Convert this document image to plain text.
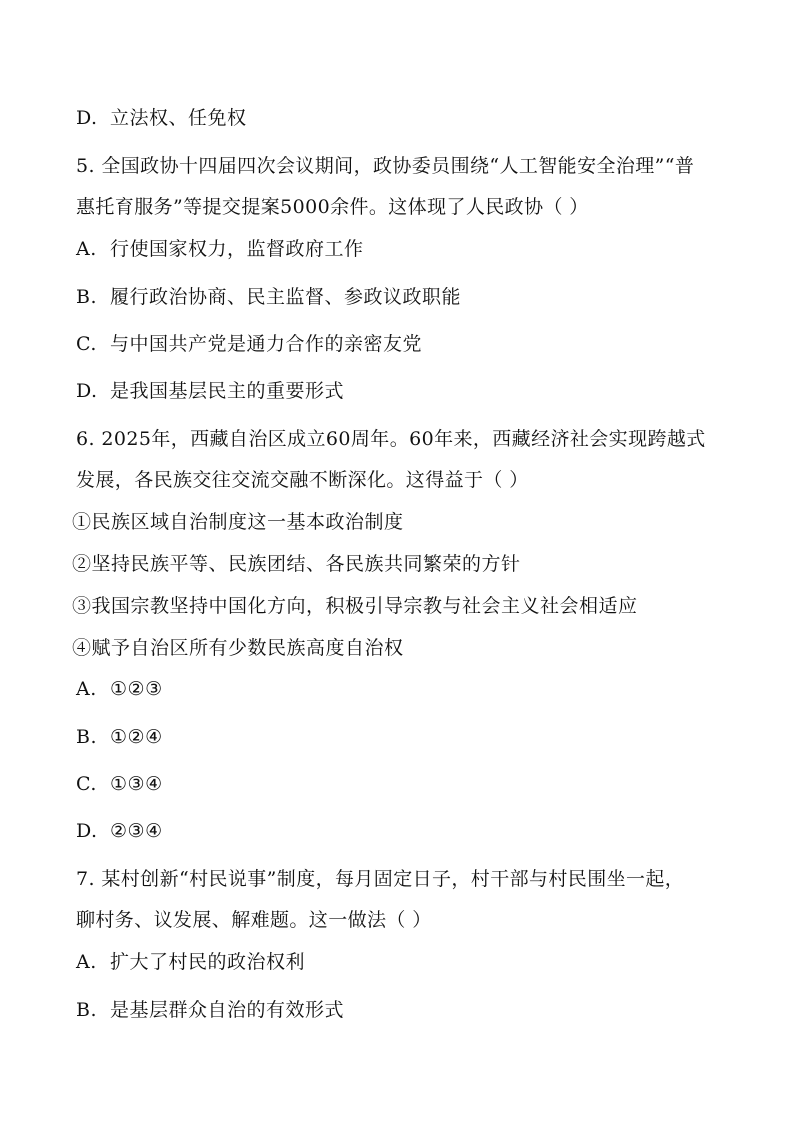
D. 立法权、任免权
5. 全国政协十四届四次会议期间，政协委员围绕“人工智能安全治理”“普
惠托育服务”等提交提案5000余件。这体现了人民政协（ ）
A. 行使国家权力，监督政府工作
B. 履行政治协商、民主监督、参政议政职能
C. 与中国共产党是通力合作的亲密友党
D. 是我国基层民主的重要形式
6. 2025年，西藏自治区成立60周年。60年来，西藏经济社会实现跨越式
发展，各民族交往交流交融不断深化。这得益于（ ）
①民族区域自治制度这一基本政治制度
②坚持民族平等、民族团结、各民族共同繁荣的方针
③我国宗教坚持中国化方向，积极引导宗教与社会主义社会相适应
④赋予自治区所有少数民族高度自治权
A. ①②③
B. ①②④
C. ①③④
D. ②③④
7. 某村创新“村民说事”制度，每月固定日子，村干部与村民围坐一起，
聊村务、议发展、解难题。这一做法（ ）
A. 扩大了村民的政治权利
B. 是基层群众自治的有效形式
